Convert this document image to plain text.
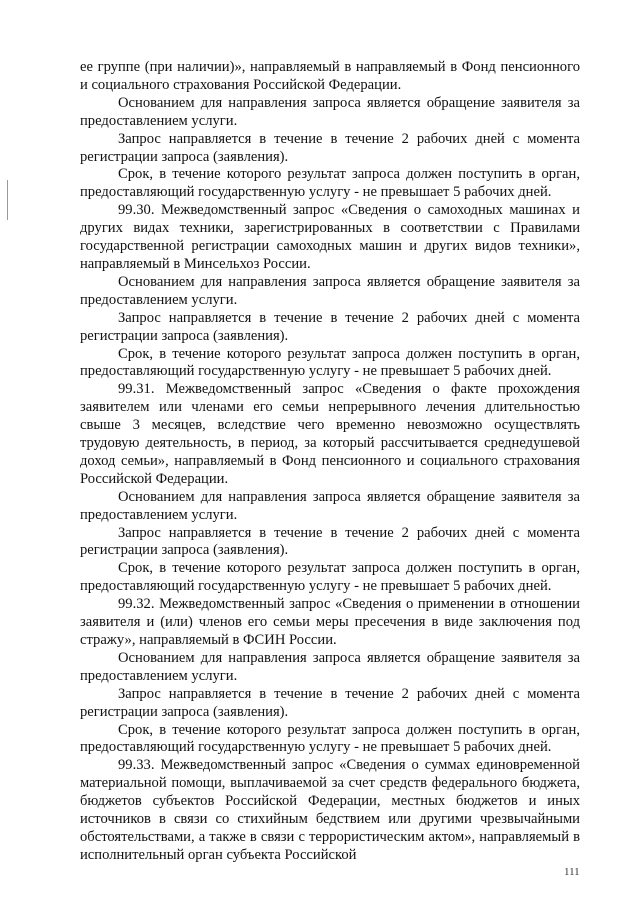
ее группе (при наличии)», направляемый в направляемый в Фонд пенсионного и социального страхования Российской Федерации.

Основанием для направления запроса является обращение заявителя за предоставлением услуги.

Запрос направляется в течение в течение 2 рабочих дней с момента регистрации запроса (заявления).

Срок, в течение которого результат запроса должен поступить в орган, предоставляющий государственную услугу - не превышает 5 рабочих дней.

99.30. Межведомственный запрос «Сведения о самоходных машинах и других видах техники, зарегистрированных в соответствии с Правилами государственной регистрации самоходных машин и других видов техники», направляемый в Минсельхоз России.

Основанием для направления запроса является обращение заявителя за предоставлением услуги.

Запрос направляется в течение в течение 2 рабочих дней с момента регистрации запроса (заявления).

Срок, в течение которого результат запроса должен поступить в орган, предоставляющий государственную услугу - не превышает 5 рабочих дней.

99.31. Межведомственный запрос «Сведения о факте прохождения заявителем или членами его семьи непрерывного лечения длительностью свыше 3 месяцев, вследствие чего временно невозможно осуществлять трудовую деятельность, в период, за который рассчитывается среднедушевой доход семьи», направляемый в Фонд пенсионного и социального страхования Российской Федерации.

Основанием для направления запроса является обращение заявителя за предоставлением услуги.

Запрос направляется в течение в течение 2 рабочих дней с момента регистрации запроса (заявления).

Срок, в течение которого результат запроса должен поступить в орган, предоставляющий государственную услугу - не превышает 5 рабочих дней.

99.32. Межведомственный запрос «Сведения о применении в отношении заявителя и (или) членов его семьи меры пресечения в виде заключения под стражу», направляемый в ФСИН России.

Основанием для направления запроса является обращение заявителя за предоставлением услуги.

Запрос направляется в течение в течение 2 рабочих дней с момента регистрации запроса (заявления).

Срок, в течение которого результат запроса должен поступить в орган, предоставляющий государственную услугу - не превышает 5 рабочих дней.

99.33. Межведомственный запрос «Сведения о суммах единовременной материальной помощи, выплачиваемой за счет средств федерального бюджета, бюджетов субъектов Российской Федерации, местных бюджетов и иных источников в связи со стихийным бедствием или другими чрезвычайными обстоятельствами, а также в связи с террористическим актом», направляемый в исполнительный орган субъекта Российской

111
